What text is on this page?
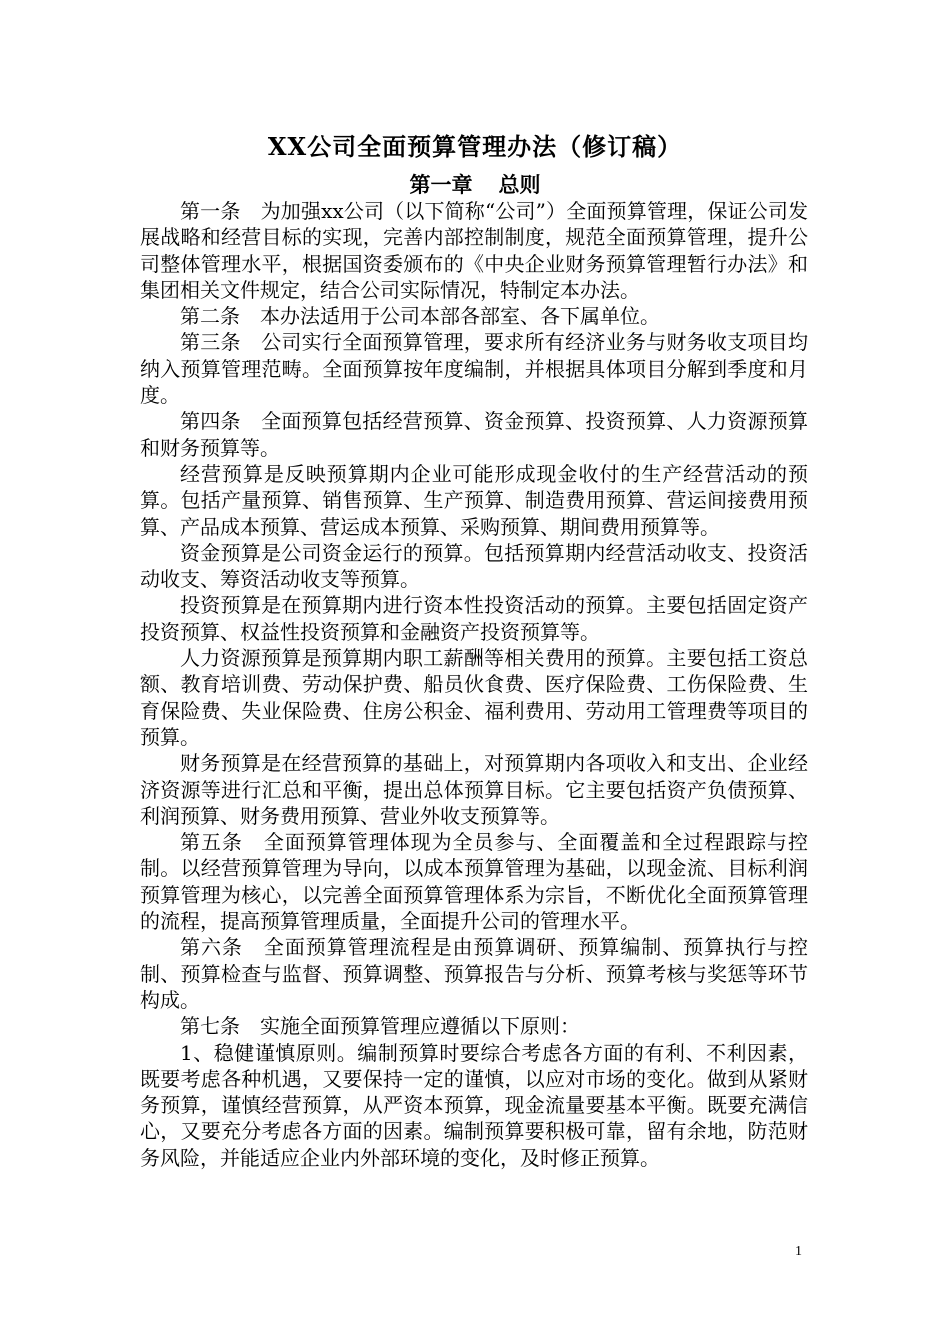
XX公司全面预算管理办法（修订稿）
第一章 总则

第一条　为加强xx公司（以下简称“公司”）全面预算管理，保证公司发展战略和经营目标的实现，完善内部控制制度，规范全面预算管理，提升公司整体管理水平，根据国资委颁布的《中央企业财务预算管理暂行办法》和集团相关文件规定，结合公司实际情况，特制定本办法。

第二条　本办法适用于公司本部各部室、各下属单位。

第三条　公司实行全面预算管理，要求所有经济业务与财务收支项目均纳入预算管理范畴。全面预算按年度编制，并根据具体项目分解到季度和月度。

第四条　全面预算包括经营预算、资金预算、投资预算、人力资源预算和财务预算等。

经营预算是反映预算期内企业可能形成现金收付的生产经营活动的预算。包括产量预算、销售预算、生产预算、制造费用预算、营运间接费用预算、产品成本预算、营运成本预算、采购预算、期间费用预算等。

资金预算是公司资金运行的预算。包括预算期内经营活动收支、投资活动收支、筹资活动收支等预算。

投资预算是在预算期内进行资本性投资活动的预算。主要包括固定资产投资预算、权益性投资预算和金融资产投资预算等。

人力资源预算是预算期内职工薪酬等相关费用的预算。主要包括工资总额、教育培训费、劳动保护费、船员伙食费、医疗保险费、工伤保险费、生育保险费、失业保险费、住房公积金、福利费用、劳动用工管理费等项目的预算。

财务预算是在经营预算的基础上，对预算期内各项收入和支出、企业经济资源等进行汇总和平衡，提出总体预算目标。它主要包括资产负债预算、利润预算、财务费用预算、营业外收支预算等。

第五条　全面预算管理体现为全员参与、全面覆盖和全过程跟踪与控制。以经营预算管理为导向，以成本预算管理为基础，以现金流、目标利润预算管理为核心，以完善全面预算管理体系为宗旨，不断优化全面预算管理的流程，提高预算管理质量，全面提升公司的管理水平。

第六条　全面预算管理流程是由预算调研、预算编制、预算执行与控制、预算检查与监督、预算调整、预算报告与分析、预算考核与奖惩等环节构成。

第七条　实施全面预算管理应遵循以下原则：

1、稳健谨慎原则。编制预算时要综合考虑各方面的有利、不利因素，既要考虑各种机遇，又要保持一定的谨慎，以应对市场的变化。做到从紧财务预算，谨慎经营预算，从严资本预算，现金流量要基本平衡。既要充满信心，又要充分考虑各方面的因素。编制预算要积极可靠，留有余地，防范财务风险，并能适应企业内外部环境的变化，及时修正预算。

1
